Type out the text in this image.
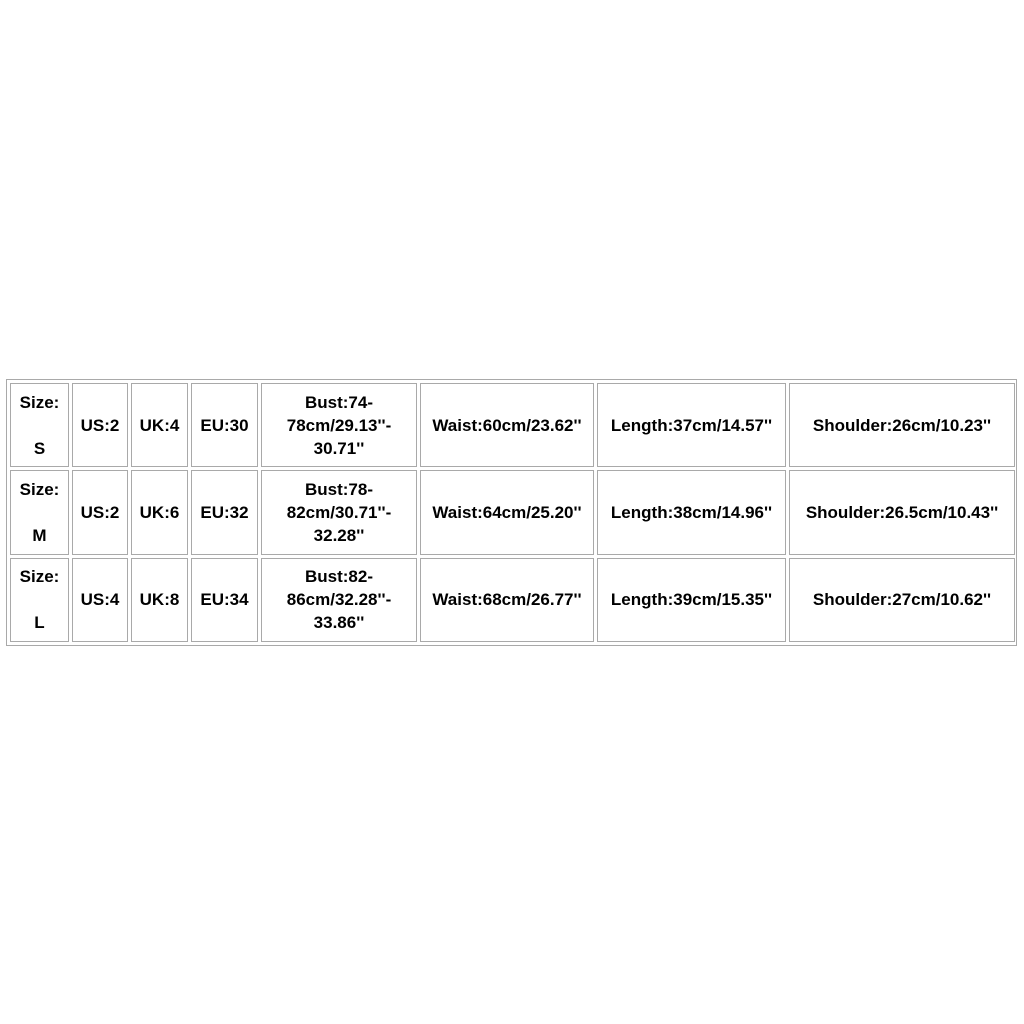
Size:
S	US:2	UK:4	EU:30	Bust:74-
78cm/29.13''-
30.71''	Waist:60cm/23.62''	Length:37cm/14.57''	Shoulder:26cm/10.23''

Size:
M	US:2	UK:6	EU:32	Bust:78-
82cm/30.71''-
32.28''	Waist:64cm/25.20''	Length:38cm/14.96''	Shoulder:26.5cm/10.43''

Size:
L	US:4	UK:8	EU:34	Bust:82-
86cm/32.28''-
33.86''	Waist:68cm/26.77''	Length:39cm/15.35''	Shoulder:27cm/10.62''
